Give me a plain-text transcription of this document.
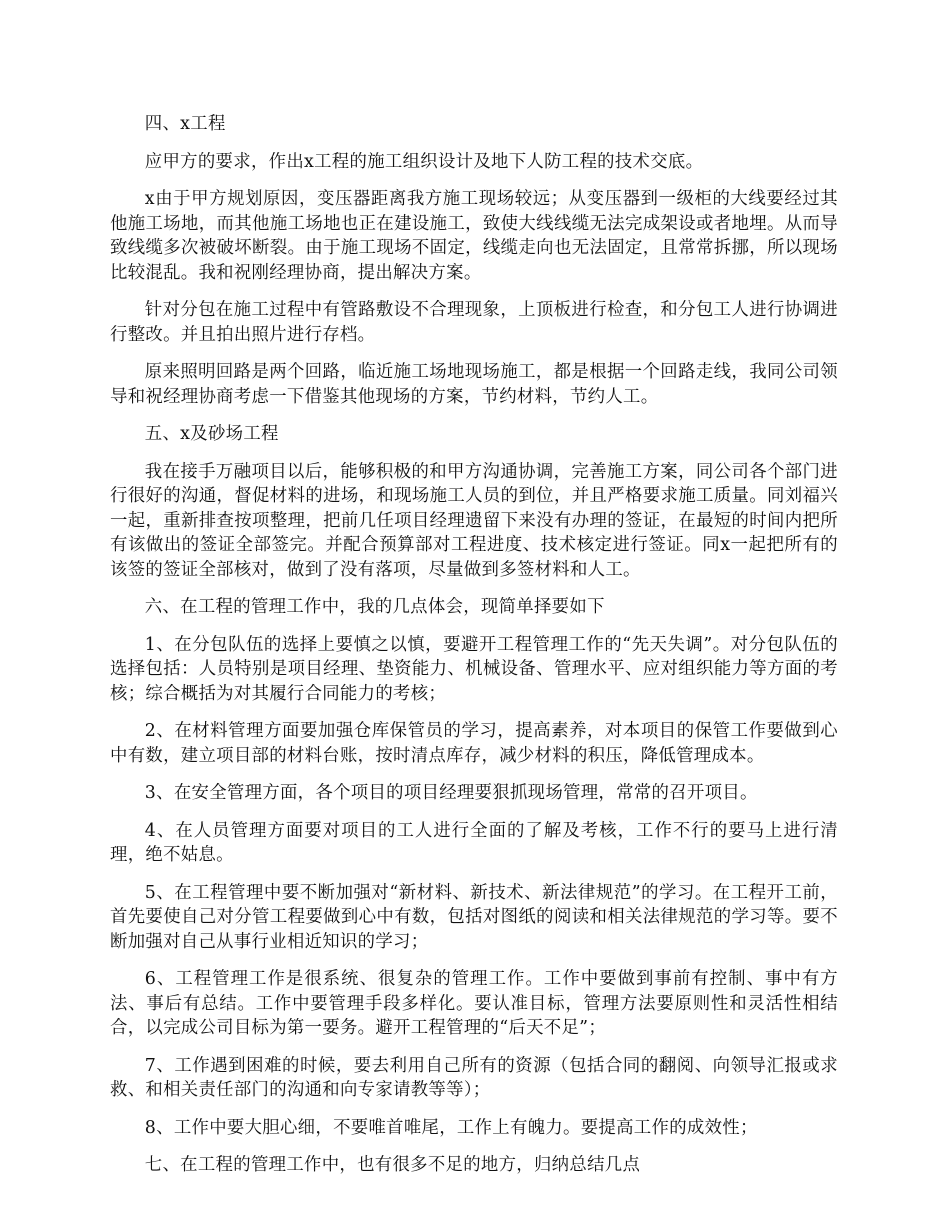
四、x工程

应甲方的要求，作出x工程的施工组织设计及地下人防工程的技术交底。

x由于甲方规划原因，变压器距离我方施工现场较远；从变压器到一级柜的大线要经过其他施工场地，而其他施工场地也正在建设施工，致使大线线缆无法完成架设或者地埋。从而导致线缆多次被破坏断裂。由于施工现场不固定，线缆走向也无法固定，且常常拆挪，所以现场比较混乱。我和祝刚经理协商，提出解决方案。

针对分包在施工过程中有管路敷设不合理现象，上顶板进行检查，和分包工人进行协调进行整改。并且拍出照片进行存档。

原来照明回路是两个回路，临近施工场地现场施工，都是根据一个回路走线，我同公司领导和祝经理协商考虑一下借鉴其他现场的方案，节约材料，节约人工。

五、x及砂场工程

我在接手万融项目以后，能够积极的和甲方沟通协调，完善施工方案，同公司各个部门进行很好的沟通，督促材料的进场，和现场施工人员的到位，并且严格要求施工质量。同刘福兴一起，重新排查按项整理，把前几任项目经理遗留下来没有办理的签证，在最短的时间内把所有该做出的签证全部签完。并配合预算部对工程进度、技术核定进行签证。同x一起把所有的该签的签证全部核对，做到了没有落项，尽量做到多签材料和人工。

六、在工程的管理工作中，我的几点体会，现简单择要如下

1、在分包队伍的选择上要慎之以慎，要避开工程管理工作的“先天失调”。对分包队伍的选择包括：人员特别是项目经理、垫资能力、机械设备、管理水平、应对组织能力等方面的考核；综合概括为对其履行合同能力的考核；

2、在材料管理方面要加强仓库保管员的学习，提高素养，对本项目的保管工作要做到心中有数，建立项目部的材料台账，按时清点库存，减少材料的积压，降低管理成本。

3、在安全管理方面，各个项目的项目经理要狠抓现场管理，常常的召开项目。

4、在人员管理方面要对项目的工人进行全面的了解及考核，工作不行的要马上进行清理，绝不姑息。

5、在工程管理中要不断加强对“新材料、新技术、新法律规范”的学习。在工程开工前，首先要使自己对分管工程要做到心中有数，包括对图纸的阅读和相关法律规范的学习等。要不断加强对自己从事行业相近知识的学习；

6、工程管理工作是很系统、很复杂的管理工作。工作中要做到事前有控制、事中有方法、事后有总结。工作中要管理手段多样化。要认准目标，管理方法要原则性和灵活性相结合，以完成公司目标为第一要务。避开工程管理的“后天不足”；

7、工作遇到困难的时候，要去利用自己所有的资源（包括合同的翻阅、向领导汇报或求救、和相关责任部门的沟通和向专家请教等等）；

8、工作中要大胆心细，不要唯首唯尾，工作上有魄力。要提高工作的成效性；

七、在工程的管理工作中，也有很多不足的地方，归纳总结几点
